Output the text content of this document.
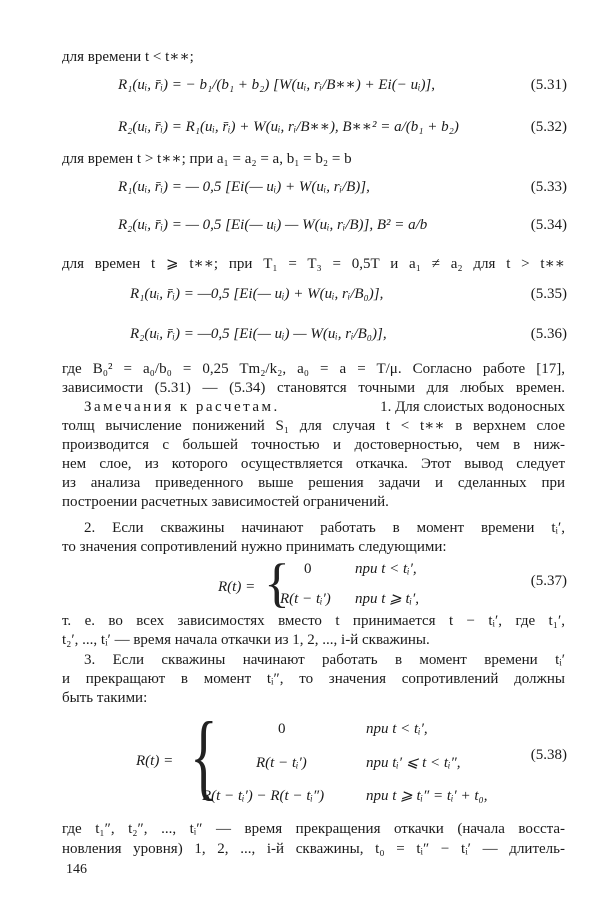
для времени t < t∗∗;
R₁(uᵢ, r̄ᵢ) = − b₁/(b₁ + b₂) [W(uᵢ, rᵢ/B∗∗) + Ei(− uᵢ)],	(5.31)
R₂(uᵢ, r̄ᵢ) = R₁(uᵢ, r̄ᵢ) + W(uᵢ, rᵢ/B∗∗), B∗∗² = a/(b₁ + b₂)	(5.32)
для времен t > t∗∗; при a₁ = a₂ = a, b₁ = b₂ = b
R₁(uᵢ, r̄ᵢ) = — 0,5 [Ei(— uᵢ) + W(uᵢ, rᵢ/B)],	(5.33)
R₂(uᵢ, r̄ᵢ) = — 0,5 [Ei(— uᵢ) — W(uᵢ, rᵢ/B)], B² = a/b	(5.34)
для времен t ⩾ t∗∗; при T₁ = T₃ = 0,5T и a₁ ≠ a₂ для t > t∗∗
R₁(uᵢ, r̄ᵢ) = —0,5 [Ei(— uᵢ) + W(uᵢ, rᵢ/B₀)],	(5.35)
R₂(uᵢ, r̄ᵢ) = —0,5 [Ei(— uᵢ) — W(uᵢ, rᵢ/B₀)],	(5.36)
где B₀² = a₀/b₀ = 0,25 Tm₂/k₂, a₀ = a = T/μ. Согласно работе [17],
зависимости (5.31) — (5.34) становятся точными для любых времен.
Замечания к расчетам.	1. Для слоистых водоносных
толщ вычисление понижений S₁ для случая t < t∗∗ в верхнем слое
производится с большей точностью и достоверностью, чем в ниж-
нем слое, из которого осуществляется откачка. Этот вывод следует
из анализа приведенного выше решения задачи и сделанных при
построении расчетных зависимостей ограничений.
2. Если скважины начинают работать в момент времени tᵢ′,
то значения сопротивлений нужно принимать следующими:
R(t) = { 0	при t < tᵢ′,
R(t − tᵢ′) при t ⩾ tᵢ′,
(5.37)
т. е. во всех зависимостях вместо t принимается t − tᵢ′, где t₁′,
t₂′, ..., tᵢ′ — время начала откачки из 1, 2, ..., i-й скважины.
3. Если скважины начинают работать в момент времени tᵢ′
и прекращают в момент tᵢ″, то значения сопротивлений должны
быть такими:
R(t) = {	0	при t < tᵢ′,
R(t − tᵢ′)	при tᵢ′ ⩽ t < tᵢ″,
R(t − tᵢ′) − R(t − tᵢ″)	при t ⩾ tᵢ″ = tᵢ′ + t₀,
(5.38)
где t₁″, t₂″, ..., tᵢ″ — время прекращения откачки (начала восста-
новления уровня) 1, 2, ..., i-й скважины, t₀ = tᵢ″ − tᵢ′ — длитель-
146
